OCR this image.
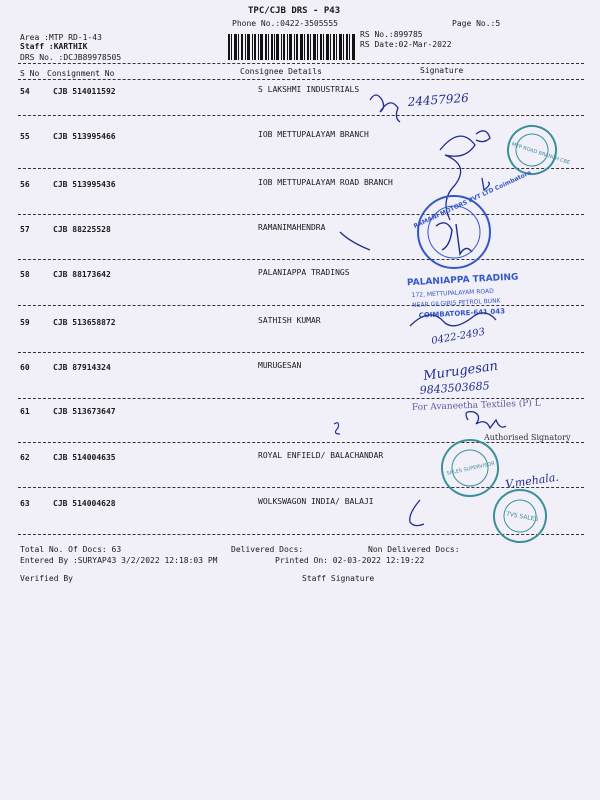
TPC/CJB DRS - P43
Phone No.:0422-3505555	Page No.:5
Area :MTP RD-1-43
Staff :KARTHIK
DRS No. :DCJB89978505
RS No.:899785
RS Date:02-Mar-2022
S No Consignment No	Consignee Details	Signature
54	CJB 514011592	S LAKSHMI INDUSTRIALS
55	CJB 513995466	IOB METTUPALAYAM BRANCH
56	CJB 513995436	IOB METTUPALAYAM ROAD BRANCH
57	CJB 88225528	RAMANIMAHENDRA
58	CJB 88173642	PALANIAPPA TRADINGS
59	CJB 513658872	SATHISH KUMAR
60	CJB 87914324	MURUGESAN
61	CJB 513673647
62	CJB 514004635	ROYAL ENFIELD/ BALACHANDAR
63	CJB 514004628	WOLKSWAGON INDIA/ BALAJI
Total No. Of Docs: 63	Delivered Docs:	Non Delivered Docs:
Entered By :SURYAP43 3/2/2022 12:18:03 PM	Printed On: 02-03-2022 12:19:22
Verified By	Staff Signature
24457926
MTP ROAD BRANCH CBE
RAMANI MOTORS PVT LTD Coimbatore
PALANIAPPA TRADING
172, METTUPALAYAM ROAD
NEAR GILGIRIS PETROL BUNK
COIMBATORE-641 043
0422-2493
Murugesan
9843503685
For Avaneetha Textiles (P) L
Authorised Signatory
SALES SUPERVISOR
V.mehala.
TVS SALES
